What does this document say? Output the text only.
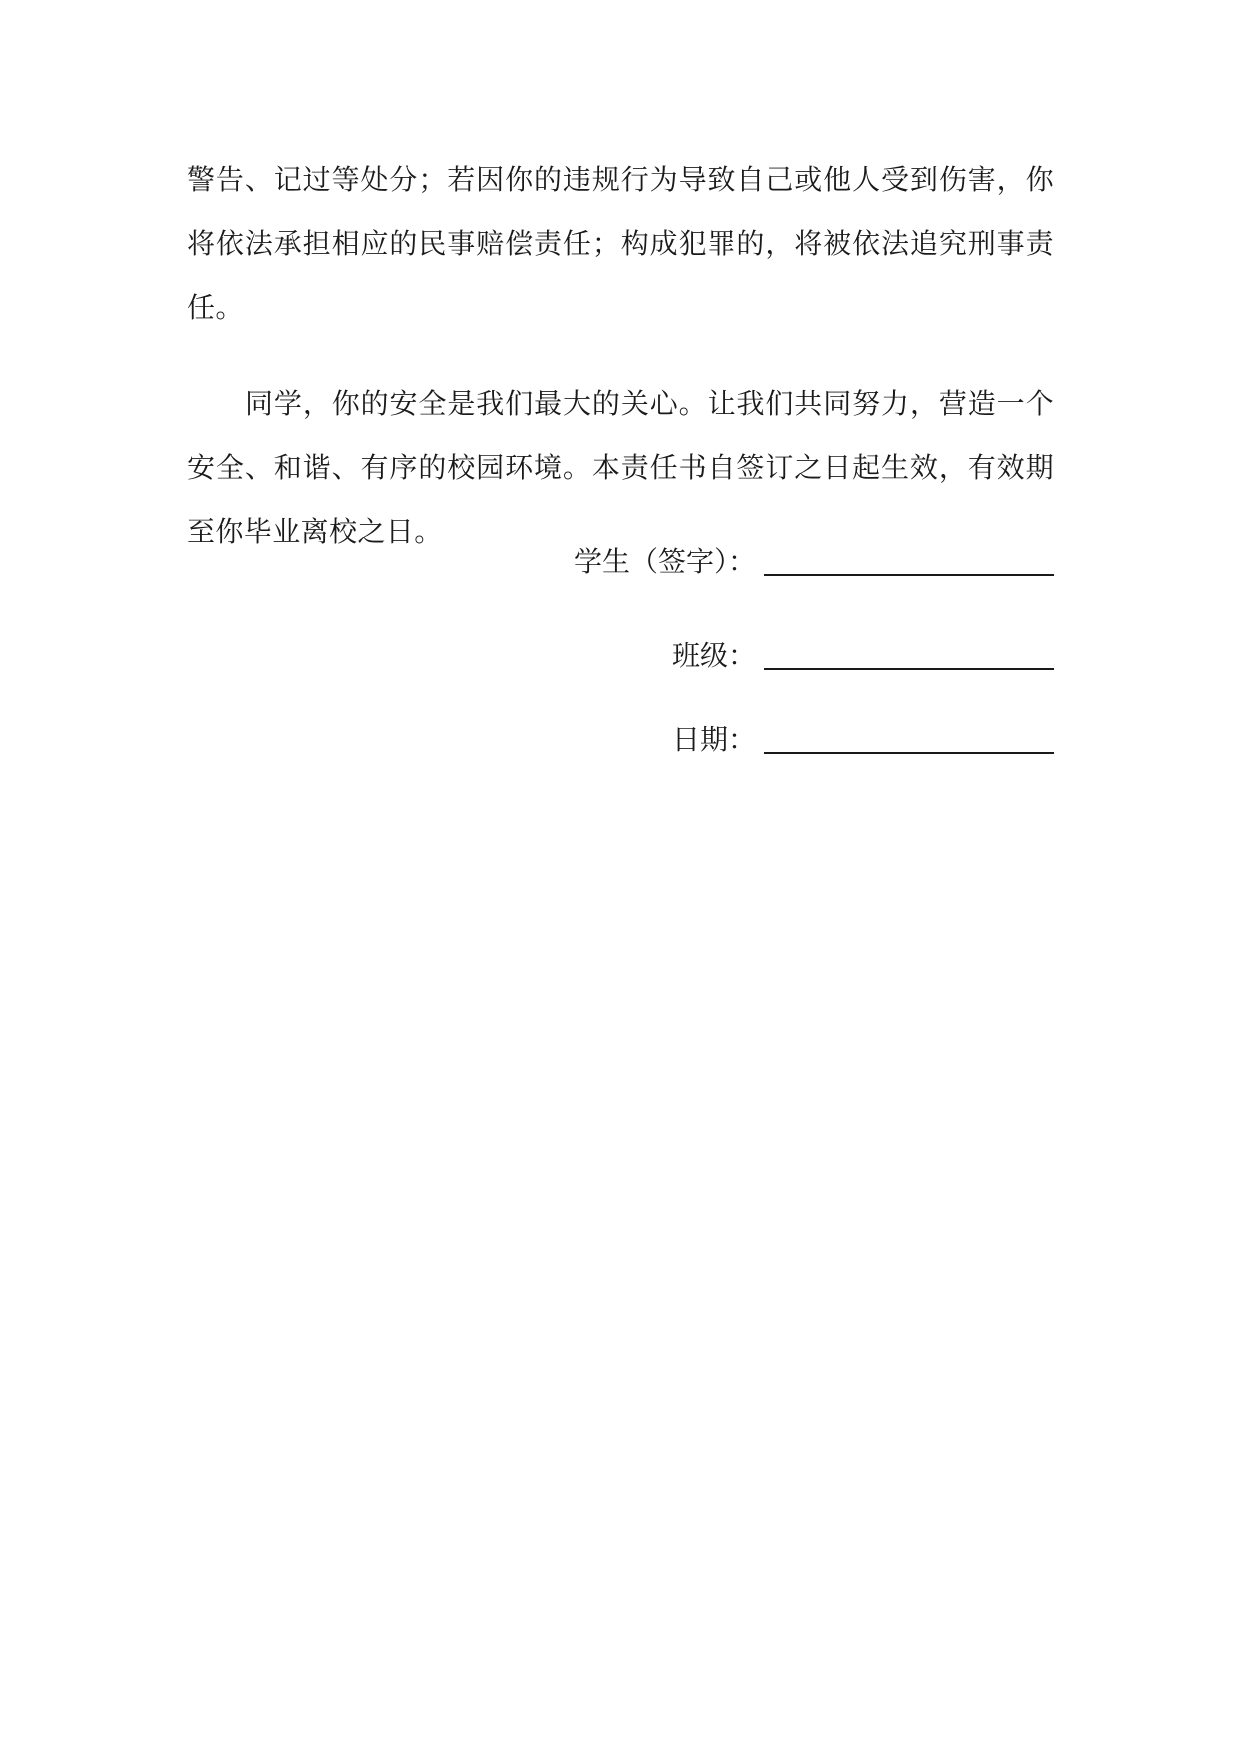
警告、记过等处分；若因你的违规行为导致自己或他人受到伤害，你
将依法承担相应的民事赔偿责任；构成犯罪的，将被依法追究刑事责
任。
同学，你的安全是我们最大的关心。让我们共同努力，营造一个
安全、和谐、有序的校园环境。本责任书自签订之日起生效，有效期
至你毕业离校之日。
学生（签字）：
班级：
日期：
